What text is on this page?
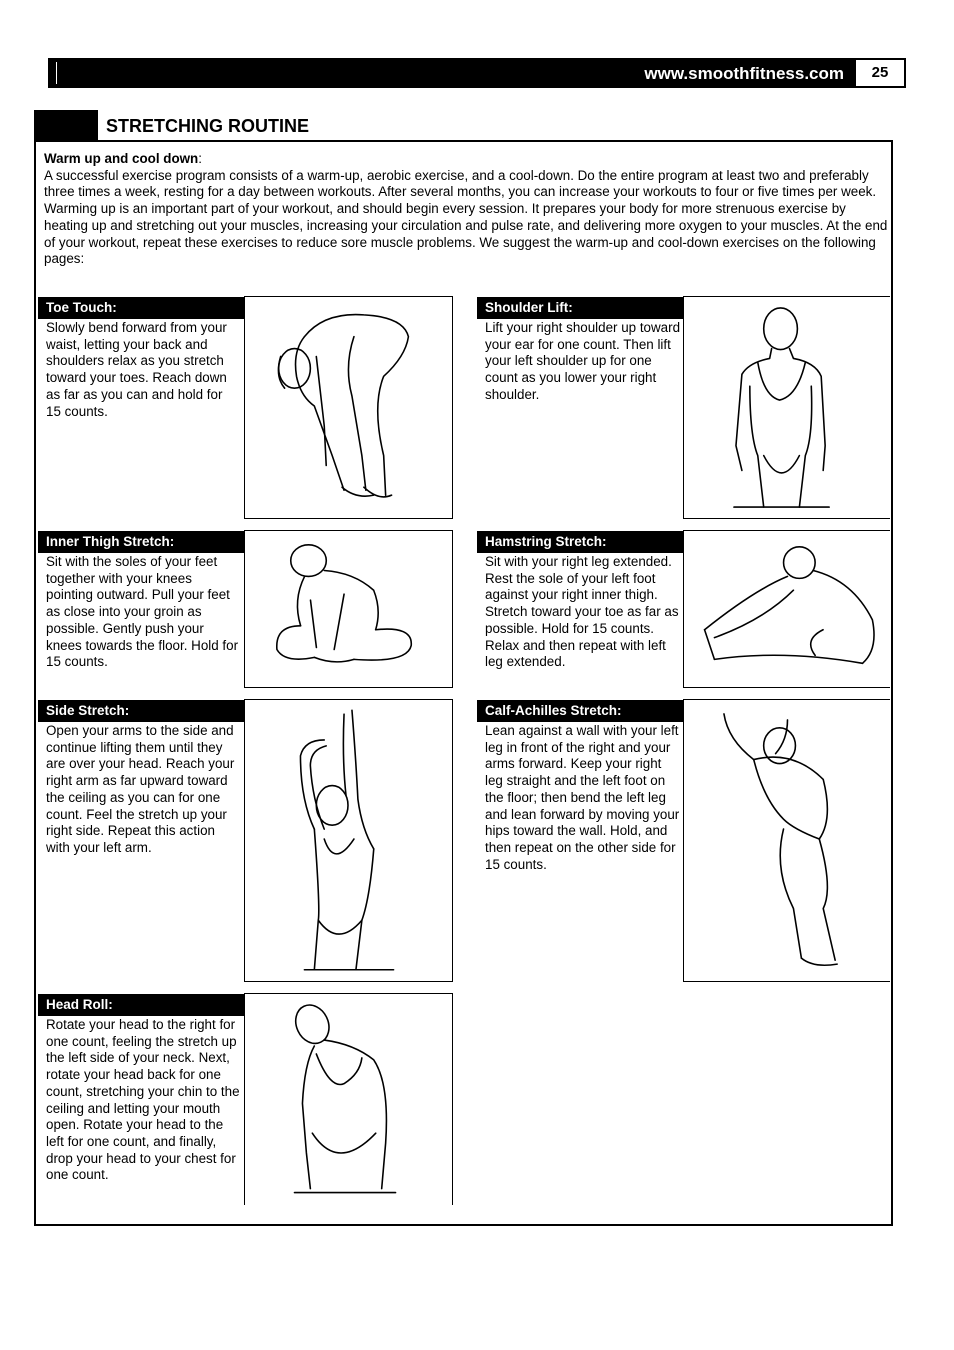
www.smoothfitness.com	25
STRETCHING ROUTINE

Warm up and cool down:

A successful exercise program consists of a warm-up, aerobic exercise, and a cool-down. Do the entire program at least two and preferably three times a week, resting for a day between workouts. After several months, you can increase your workouts to four or five times per week.

Warming up is an important part of your workout, and should begin every session. It prepares your body for more strenuous exercise by heating up and stretching out your muscles, increasing your circulation and pulse rate, and delivering more oxygen to your muscles. At the end of your workout, repeat these exercises to reduce sore muscle problems. We suggest the warm-up and cool-down exercises on the following pages:

Toe Touch:
Slowly bend forward from your waist, letting your back and shoulders relax as you stretch toward your toes. Reach down as far as you can and hold for 15 counts.
Shoulder Lift:
Lift your right shoulder up toward your ear for one count. Then lift your left shoulder up for one count as you lower your right shoulder.
Inner Thigh Stretch:
Sit with the soles of your feet together with your knees pointing outward. Pull your feet as close into your groin as possible. Gently push your knees towards the floor. Hold for 15 counts.
Hamstring Stretch:
Sit with your right leg extended. Rest the sole of your left foot against your right inner thigh. Stretch toward your toe as far as possible. Hold for 15 counts. Relax and then repeat with left leg extended.
Side Stretch:
Open your arms to the side and continue lifting them until they are over your head. Reach your right arm as far upward toward the ceiling as you can for one count. Feel the stretch up your right side. Repeat this action with your left arm.
Calf-Achilles Stretch:
Lean against a wall with your left leg in front of the right and your arms forward. Keep your right leg straight and the left foot on the floor; then bend the left leg and lean forward by moving your hips toward the wall. Hold, and then repeat on the other side for 15 counts.
Head Roll:
Rotate your head to the right for one count, feeling the stretch up the left side of your neck. Next, rotate your head back for one count, stretching your chin to the ceiling and letting your mouth open. Rotate your head to the left for one count, and finally, drop your head to your chest for one count.
